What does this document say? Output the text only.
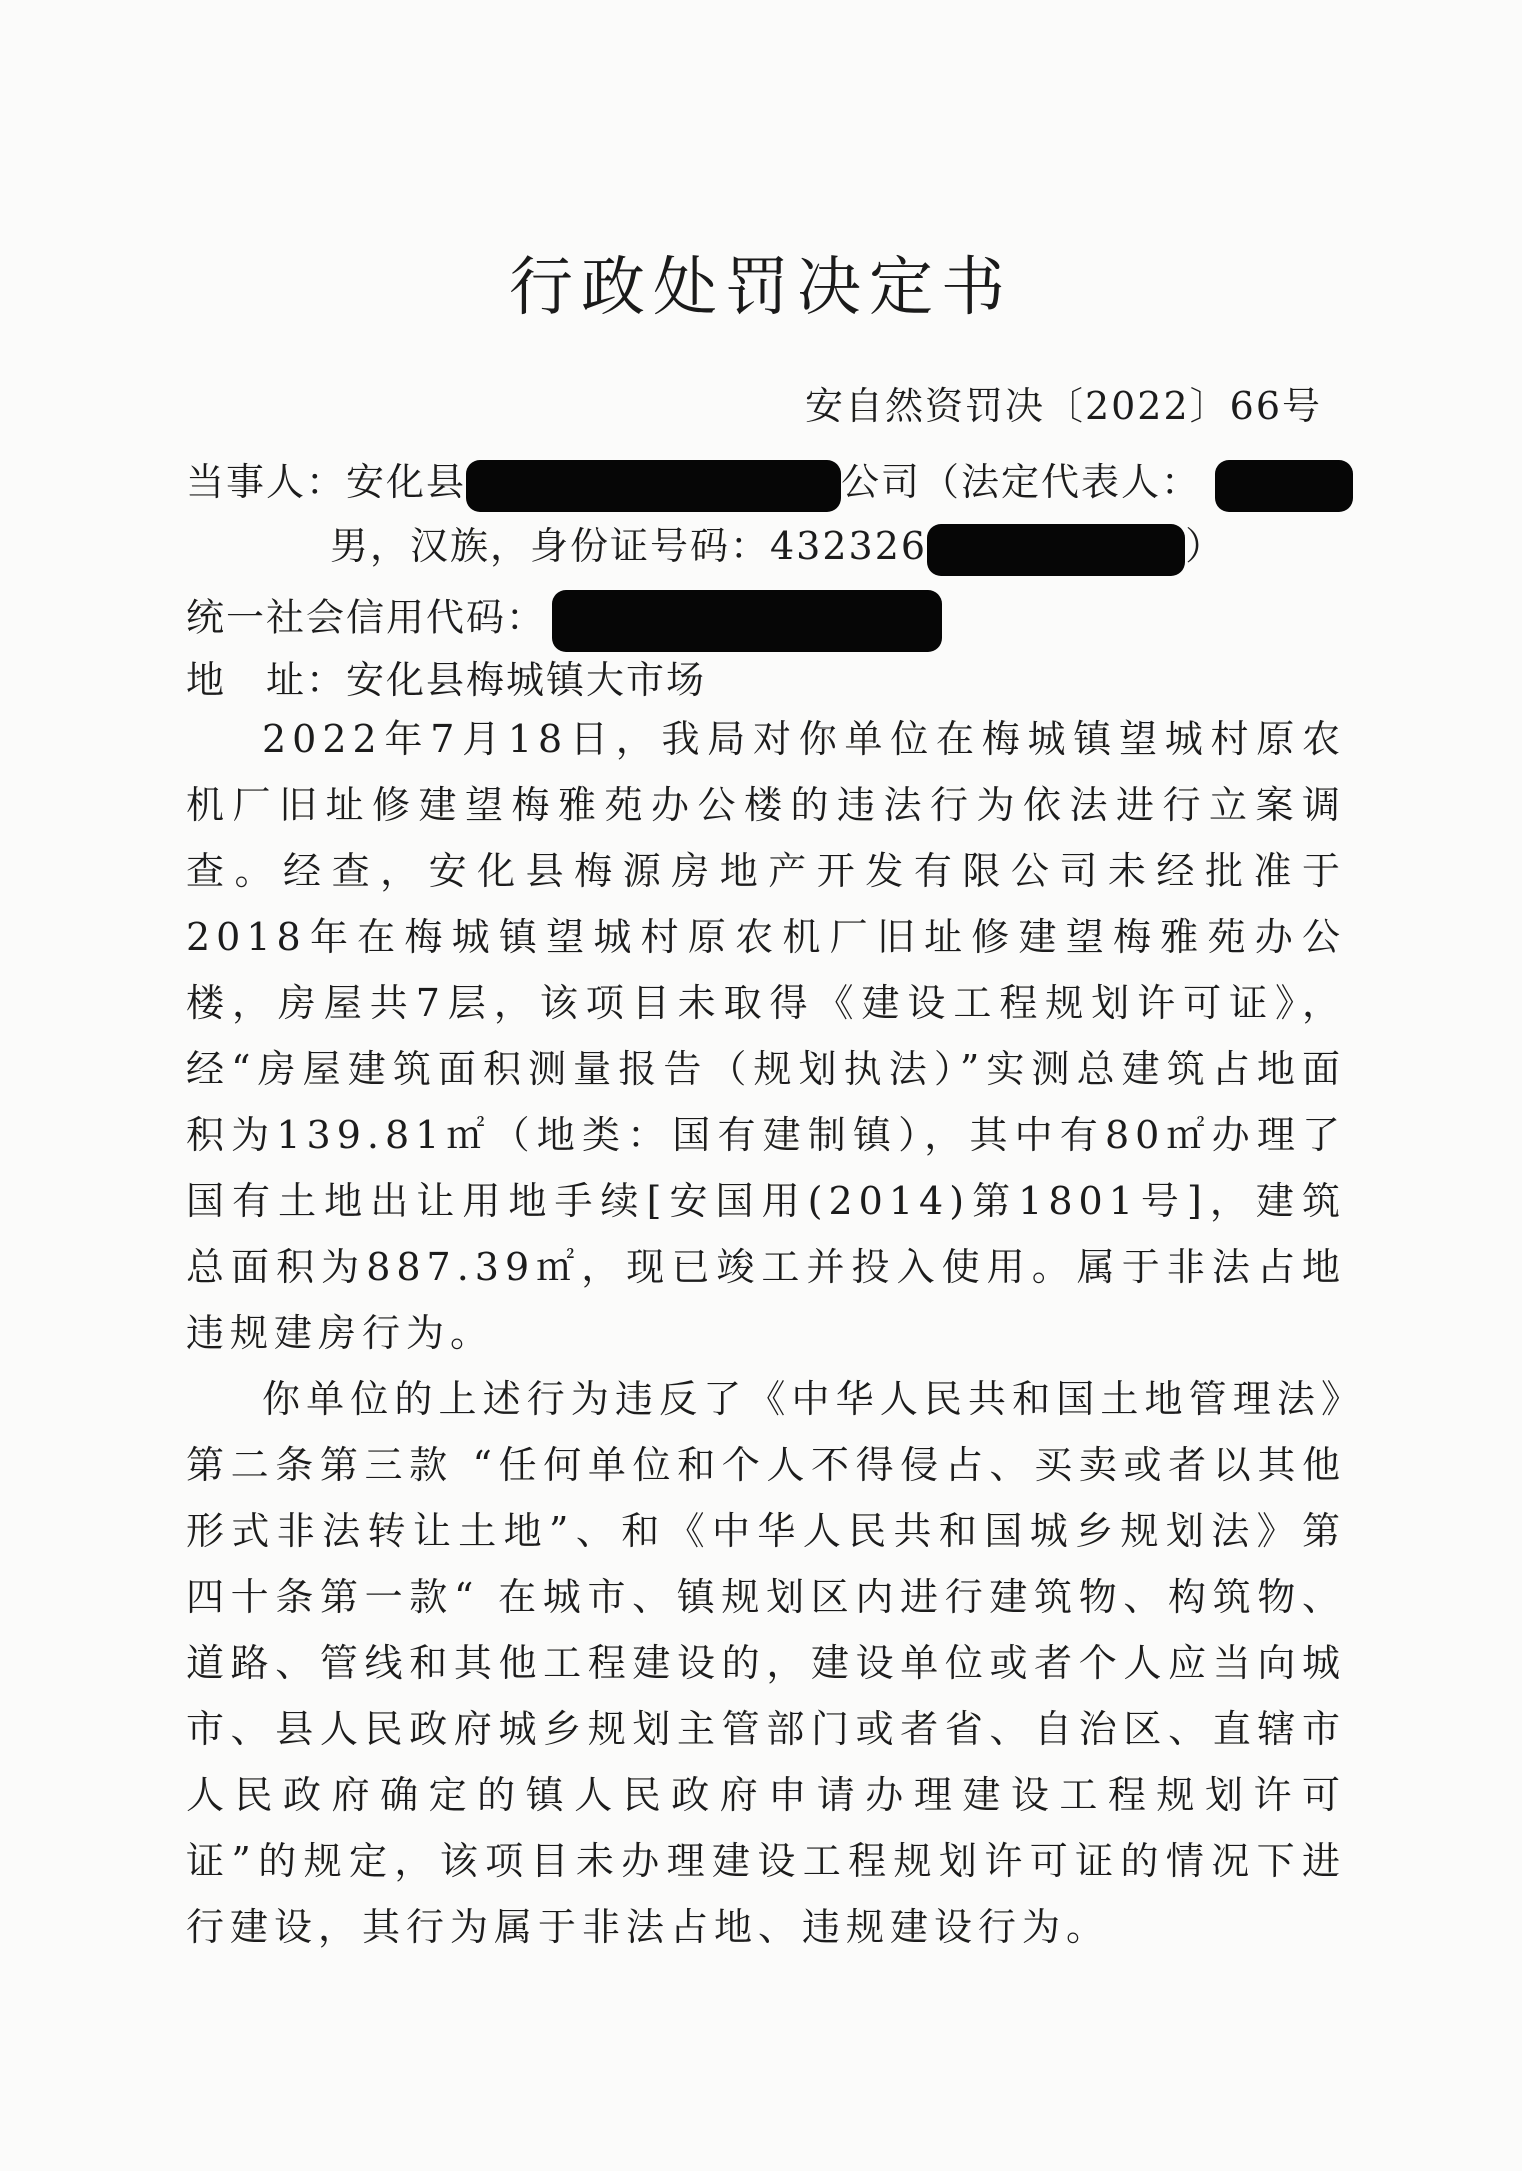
行政处罚决定书
安自然资罚决〔2022〕66号
当事人：安化县	公司（法定代表人：
男，汉族，身份证号码：432326	）
统一社会信用代码：
地　址：安化县梅城镇大市场

2022年7月18日，我局对你单位在梅城镇望城村原农机厂旧址修建望梅雅苑办公楼的违法行为依法进行立案调查。经查，安化县梅源房地产开发有限公司未经批准于2018年在梅城镇望城村原农机厂旧址修建望梅雅苑办公楼，房屋共7层，该项目未取得《建设工程规划许可证》，经“房屋建筑面积测量报告（规划执法）”实测总建筑占地面积为139.81㎡（地类：国有建制镇），其中有80㎡办理了国有土地出让用地手续[安国用(2014)第1801号]，建筑总面积为887.39㎡，现已竣工并投入使用。属于非法占地违规建房行为。

你单位的上述行为违反了《中华人民共和国土地管理法》第二条第三款 “任何单位和个人不得侵占、买卖或者以其他形式非法转让土地”、和《中华人民共和国城乡规划法》第四十条第一款“ 在城市、镇规划区内进行建筑物、构筑物、道路、管线和其他工程建设的，建设单位或者个人应当向城市、县人民政府城乡规划主管部门或者省、自治区、直辖市人民政府确定的镇人民政府申请办理建设工程规划许可证”的规定，该项目未办理建设工程规划许可证的情况下进行建设，其行为属于非法占地、违规建设行为。
